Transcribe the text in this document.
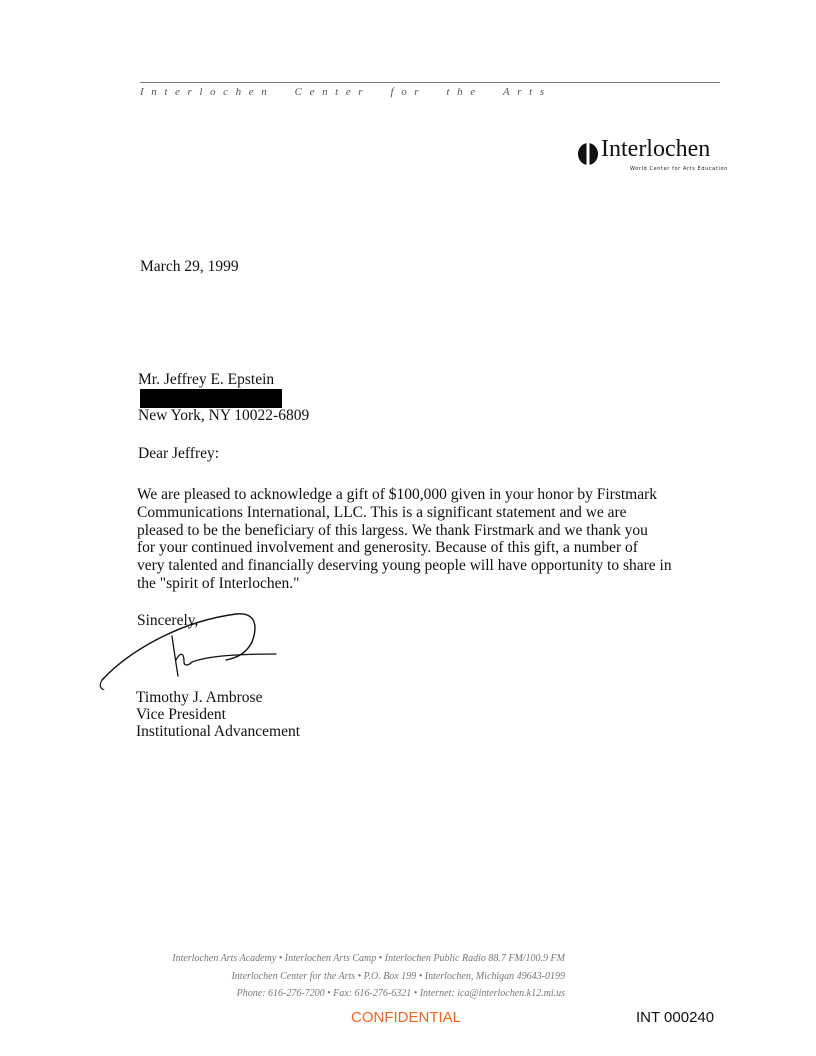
Interlochen Center for the Arts
Interlochen
World Center for Arts Education
March 29, 1999
Mr. Jeffrey E. Epstein
New York, NY 10022-6809
Dear Jeffrey:
We are pleased to acknowledge a gift of $100,000 given in your honor by Firstmark
Communications International, LLC. This is a significant statement and we are
pleased to be the beneficiary of this largess. We thank Firstmark and we thank you
for your continued involvement and generosity. Because of this gift, a number of
very talented and financially deserving young people will have opportunity to share in
the "spirit of Interlochen."
Sincerely,
Timothy J. Ambrose
Vice President
Institutional Advancement
Interlochen Arts Academy • Interlochen Arts Camp • Interlochen Public Radio 88.7 FM/100.9 FM
Interlochen Center for the Arts • P.O. Box 199 • Interlochen, Michigan 49643-0199
Phone: 616-276-7200 • Fax: 616-276-6321 • Internet: ica@interlochen.k12.mi.us
CONFIDENTIAL	INT 000240
